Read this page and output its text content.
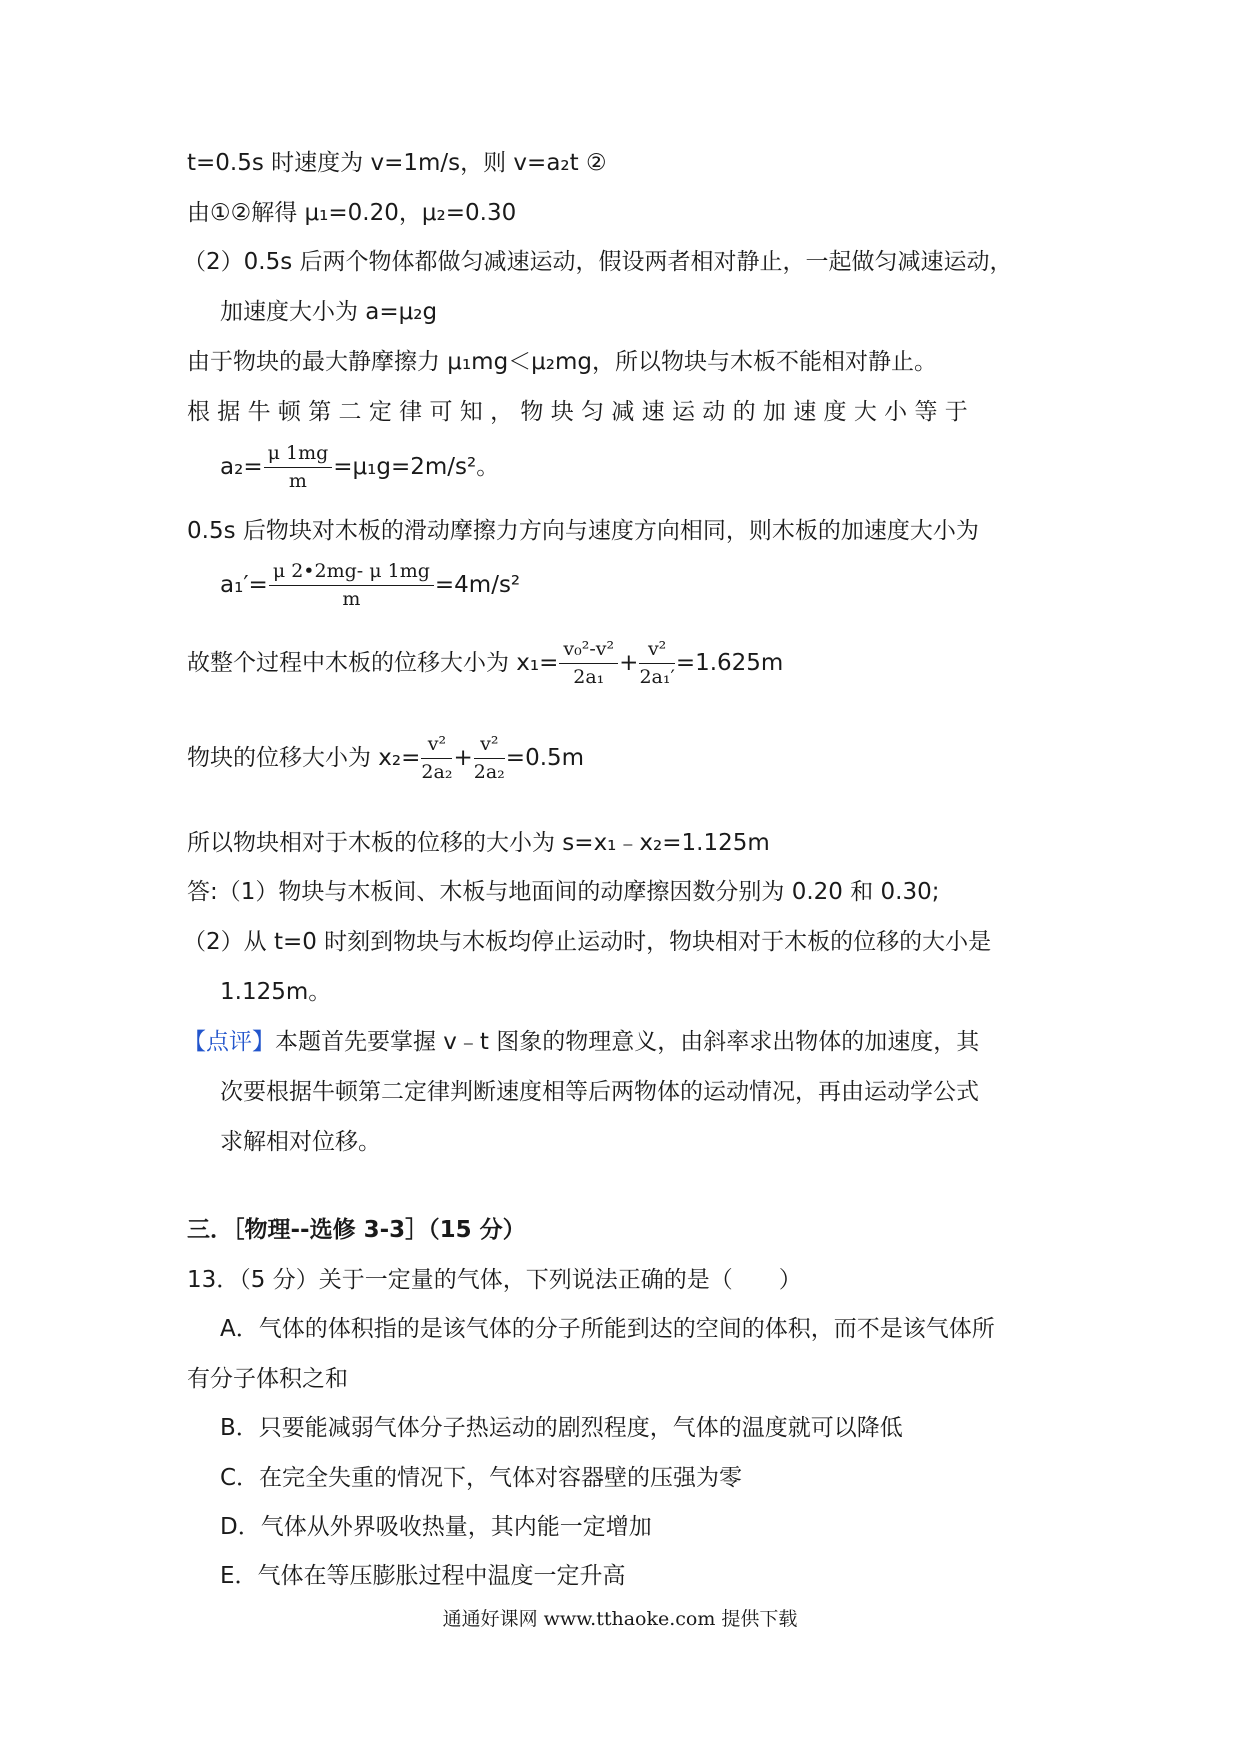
t=0.5s 时速度为 v=1m/s，则 v=a₂t ②
由①②解得 μ₁=0.20，μ₂=0.30
（2）0.5s 后两个物体都做匀减速运动，假设两者相对静止，一起做匀减速运动，
加速度大小为 a=μ₂g
由于物块的最大静摩擦力 μ₁mg＜μ₂mg，所以物块与木板不能相对静止。
根 据 牛 顿 第 二 定 律 可 知 ， 物 块 匀 减 速 运 动 的 加 速 度 大 小 等 于
$a_2= \frac{\mu 1mg}{m} =\mu_1g=2m/s^2$。
0.5s 后物块对木板的滑动摩擦力方向与速度方向相同，则木板的加速度大小为
$a_1'= \frac{\mu 2•2mg- \mu 1mg}{m} =4m/s^2$
故整个过程中木板的位移大小为 $x_1= \frac{\text{v₀²-v²}}{\text{2a₁}} + \frac{\text{v²}}{\text{2a₁′}} =1.625m$
物块的位移大小为 $x_2= \frac{\text{v²}}{\text{2a₂}} + \frac{\text{v²}}{\text{2a₂}} =0.5m$
所以物块相对于木板的位移的大小为 s=x₁﹣x₂=1.125m
答:（1）物块与木板间、木板与地面间的动摩擦因数分别为 0.20 和 0.30;
（2）从 t=0 时刻到物块与木板均停止运动时，物块相对于木板的位移的大小是
1.125m。
【点评】本题首先要掌握 v﹣t 图象的物理意义，由斜率求出物体的加速度，其
次要根据牛顿第二定律判断速度相等后两物体的运动情况，再由运动学公式
求解相对位移。
三．［物理--选修 3-3］（15 分）
13．（5 分）关于一定量的气体，下列说法正确的是（　　）
A．气体的体积指的是该气体的分子所能到达的空间的体积，而不是该气体所
有分子体积之和
B．只要能减弱气体分子热运动的剧烈程度，气体的温度就可以降低
C．在完全失重的情况下，气体对容器壁的压强为零
D．气体从外界吸收热量，其内能一定增加
E．气体在等压膨胀过程中温度一定升高
通通好课网 www.tthaoke.com 提供下载
